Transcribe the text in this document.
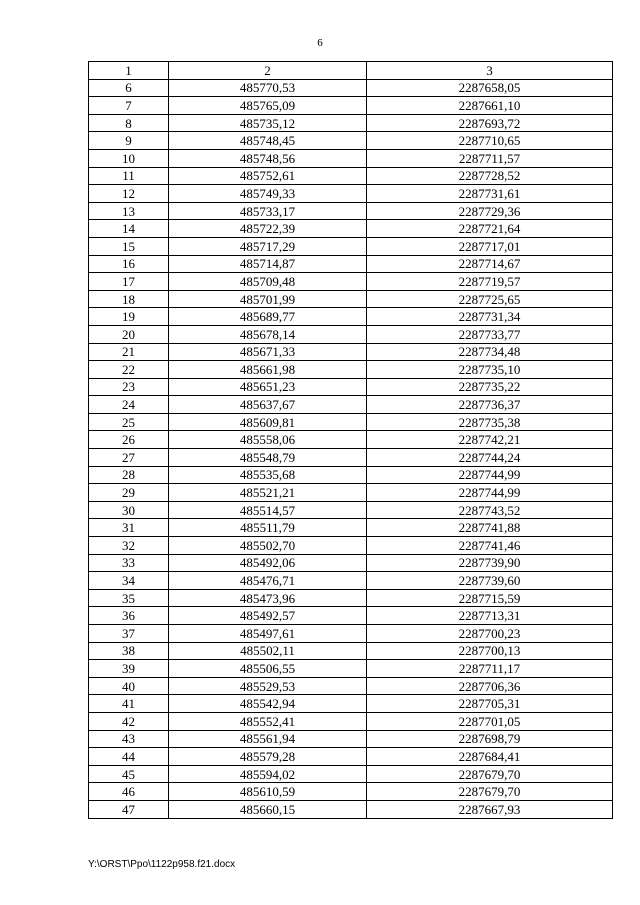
6
1	2	3
6	485770,53	2287658,05
7	485765,09	2287661,10
8	485735,12	2287693,72
9	485748,45	2287710,65
10	485748,56	2287711,57
11	485752,61	2287728,52
12	485749,33	2287731,61
13	485733,17	2287729,36
14	485722,39	2287721,64
15	485717,29	2287717,01
16	485714,87	2287714,67
17	485709,48	2287719,57
18	485701,99	2287725,65
19	485689,77	2287731,34
20	485678,14	2287733,77
21	485671,33	2287734,48
22	485661,98	2287735,10
23	485651,23	2287735,22
24	485637,67	2287736,37
25	485609,81	2287735,38
26	485558,06	2287742,21
27	485548,79	2287744,24
28	485535,68	2287744,99
29	485521,21	2287744,99
30	485514,57	2287743,52
31	485511,79	2287741,88
32	485502,70	2287741,46
33	485492,06	2287739,90
34	485476,71	2287739,60
35	485473,96	2287715,59
36	485492,57	2287713,31
37	485497,61	2287700,23
38	485502,11	2287700,13
39	485506,55	2287711,17
40	485529,53	2287706,36
41	485542,94	2287705,31
42	485552,41	2287701,05
43	485561,94	2287698,79
44	485579,28	2287684,41
45	485594,02	2287679,70
46	485610,59	2287679,70
47	485660,15	2287667,93
Y:\ORST\Ppo\1122p958.f21.docx
